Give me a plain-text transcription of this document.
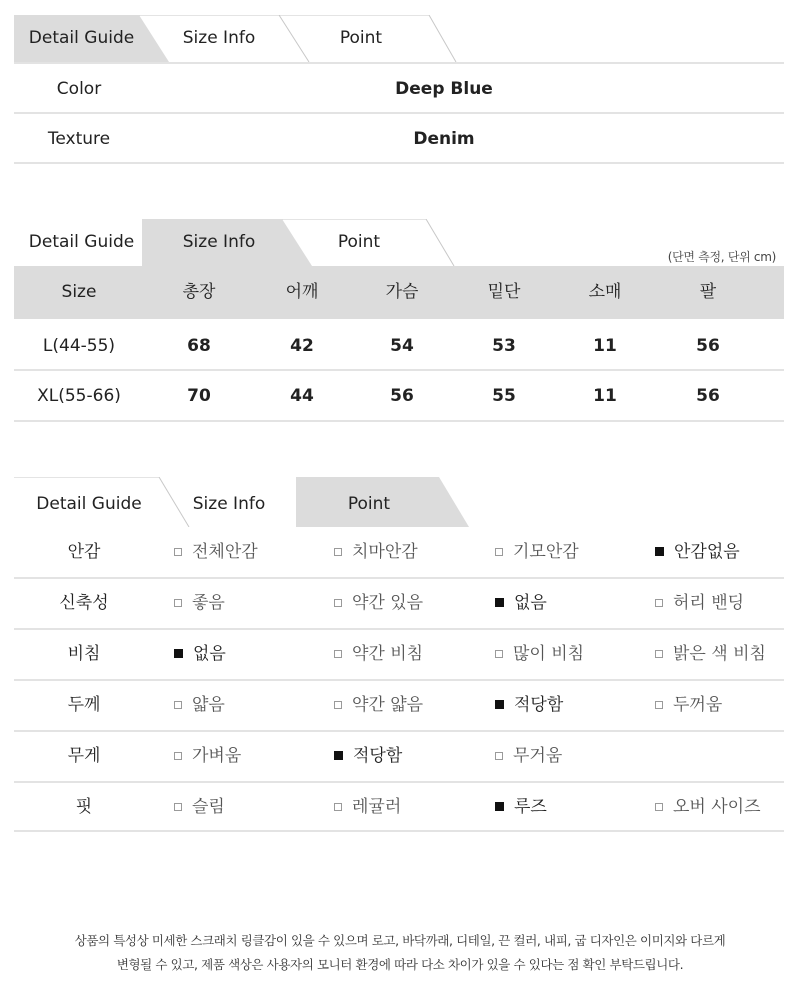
Detail Guide	Size Info	Point
Color	Deep Blue
Texture	Denim
Detail Guide	Size Info	Point
(단면 측정, 단위 cm)
Size	총장	어깨	가슴	밑단	소매	팔
L(44-55)	68	42	54	53	11	56
XL(55-66)	70	44	56	55	11	56
Detail Guide	Size Info	Point
안감	전체안감	치마안감	기모안감	안감없음
신축성	좋음	약간 있음	없음	허리 밴딩
비침	없음	약간 비침	많이 비침	밝은 색 비침
두께	얇음	약간 얇음	적당함	두꺼움
무게	가벼움	적당함	무거움
핏	슬림	레귤러	루즈	오버 사이즈
상품의 특성상 미세한 스크래치 링클감이 있을 수 있으며 로고, 바닥까래, 디테일, 끈 컬러, 내피, 굽 디자인은 이미지와 다르게
변형될 수 있고, 제품 색상은 사용자의 모니터 환경에 따라 다소 차이가 있을 수 있다는 점 확인 부탁드립니다.
